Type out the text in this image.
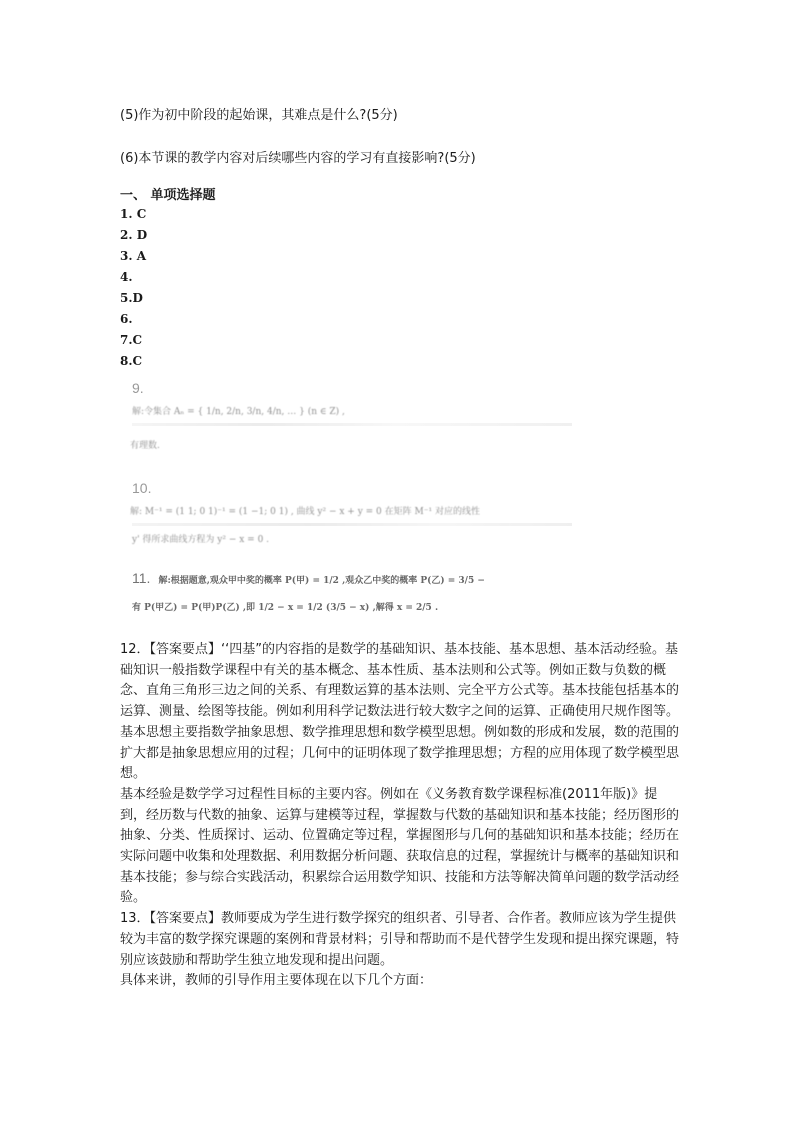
(5)作为初中阶段的起始课，其难点是什么?(5分)
(6)本节课的教学内容对后续哪些内容的学习有直接影响?(5分)
一、 单项选择题
1. C
2. D
3. A
4.
5.D
6.
7.C
8.C
9.
解:令集合 Aₙ = { 1/n, 2/n, 3/n, 4/n, … } (n ∈ Z) ,
有理数.
10.
解: M⁻¹ = (1 1; 0 1)⁻¹ = (1 −1; 0 1) , 曲线 y² − x + y = 0 在矩阵 M⁻¹ 对应的线性
y' 得所求曲线方程为 y² − x = 0 .
11. 解:根据题意,观众甲中奖的概率 P(甲) = 1/2 ,观众乙中奖的概率 P(乙) = 3/5 −
有 P(甲乙) = P(甲)P(乙) ,即 1/2 − x = 1/2 (3/5 − x) ,解得 x = 2/5 .

12．【答案要点】‘‘四基”的内容指的是数学的基础知识、基本技能、基本思想、基本活动经验。基础知识一般指数学课程中有关的基本概念、基本性质、基本法则和公式等。例如正数与负数的概念、直角三角形三边之间的关系、有理数运算的基本法则、完全平方公式等。基本技能包括基本的运算、测量、绘图等技能。例如利用科学记数法进行较大数字之间的运算、正确使用尺规作图等。

基本思想主要指数学抽象思想、数学推理思想和数学模型思想。例如数的形成和发展，数的范围的扩大都是抽象思想应用的过程；几何中的证明体现了数学推理思想；方程的应用体现了数学模型思想。

基本经验是数学学习过程性目标的主要内容。例如在《义务教育数学课程标准(2011年版)》提到，经历数与代数的抽象、运算与建模等过程，掌握数与代数的基础知识和基本技能；经历图形的抽象、分类、性质探讨、运动、位置确定等过程，掌握图形与几何的基础知识和基本技能；经历在实际问题中收集和处理数据、利用数据分析问题、获取信息的过程，掌握统计与概率的基础知识和基本技能；参与综合实践活动，积累综合运用数学知识、技能和方法等解决简单问题的数学活动经验。

13．【答案要点】教师要成为学生进行数学探究的组织者、引导者、合作者。教师应该为学生提供较为丰富的数学探究课题的案例和背景材料；引导和帮助而不是代替学生发现和提出探究课题，特别应该鼓励和帮助学生独立地发现和提出问题。

具体来讲，教师的引导作用主要体现在以下几个方面：
